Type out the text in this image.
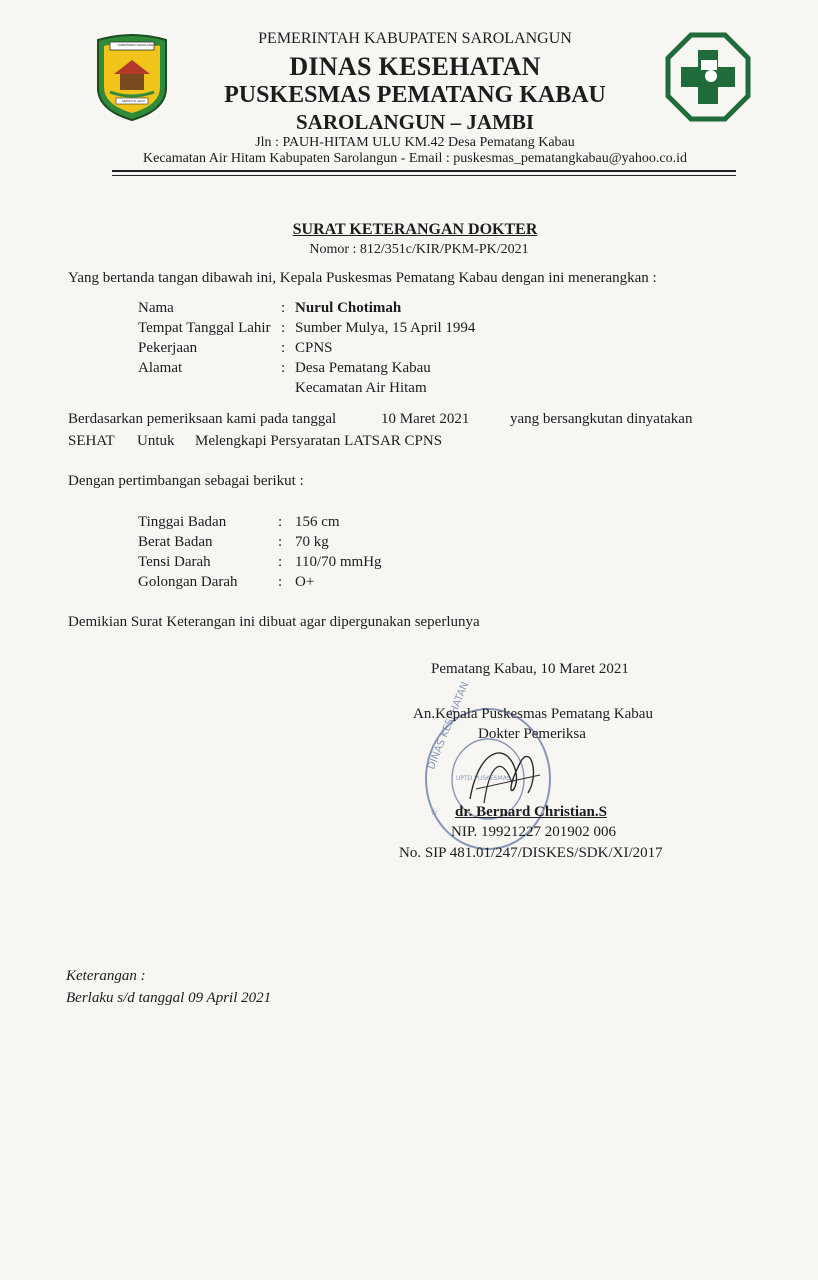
KABUPATEN SAROLANGUN
SEPUCUK ADAT
PEMERINTAH KABUPATEN SAROLANGUN
DINAS KESEHATAN
PUSKESMAS PEMATANG KABAU
SAROLANGUN – JAMBI
Jln : PAUH-HITAM ULU KM.42 Desa Pematang Kabau
Kecamatan Air Hitam Kabupaten Sarolangun - Email : puskesmas_pematangkabau@yahoo.co.id
SURAT KETERANGAN DOKTER
Nomor : 812/351c/KIR/PKM-PK/2021
Yang bertanda tangan dibawah ini, Kepala Puskesmas Pematang Kabau dengan ini menerangkan :
Nama	: Nurul Chotimah
Tempat Tanggal Lahir : Sumber Mulya, 15 April 1994
Pekerjaan	: CPNS
Alamat	: Desa Pematang Kabau
Kecamatan Air Hitam
Berdasarkan pemeriksaan kami pada tanggal	10 Maret 2021	yang bersangkutan dinyatakan
SEHAT Untuk Melengkapi Persyaratan LATSAR CPNS
Dengan pertimbangan sebagai berikut :
Tinggai Badan	: 156 cm
Berat Badan	: 70 kg
Tensi Darah	: 110/70 mmHg
Golongan Darah	: O+
Demikian Surat Keterangan ini dibuat agar dipergunakan seperlunya
Pematang Kabau, 10 Maret 2021
☆
DINAS KESEHATAN
UPTD PUSKESMAS
An.Kepala Puskesmas Pematang Kabau
Dokter Pemeriksa
dr. Bernard Christian.S
NIP. 19921227 201902 006
No. SIP 481.01/247/DISKES/SDK/XI/2017
Keterangan :
Berlaku s/d tanggal 09 April 2021
